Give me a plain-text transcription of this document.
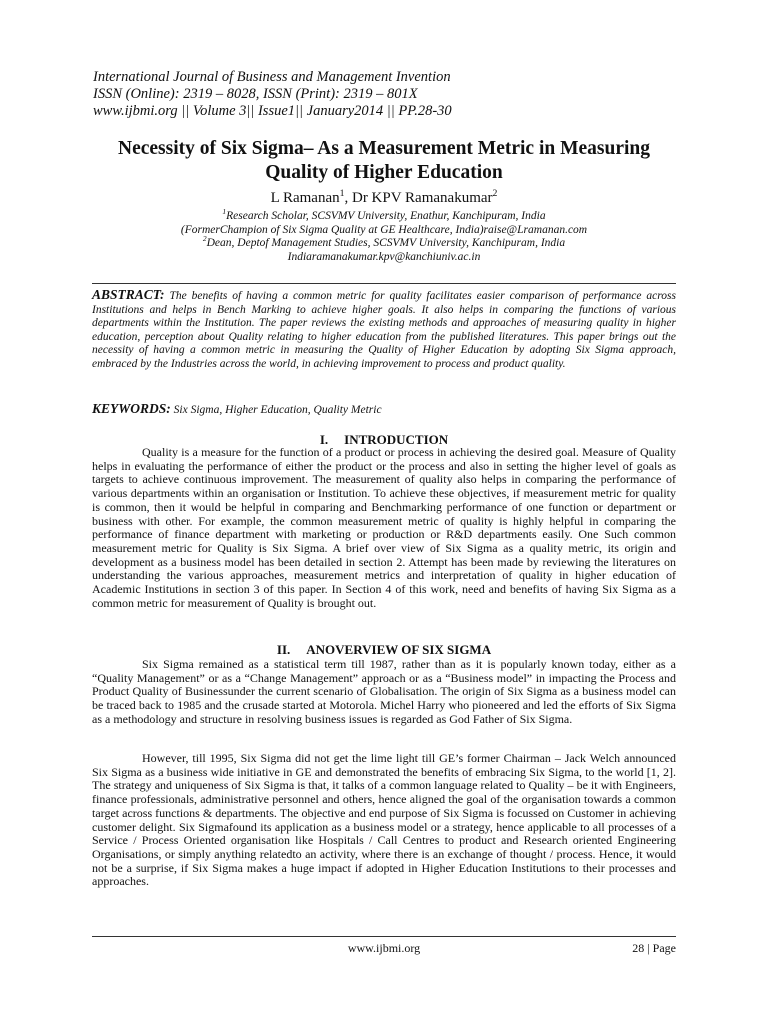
International Journal of Business and Management Invention
ISSN (Online): 2319 – 8028, ISSN (Print): 2319 – 801X
www.ijbmi.org || Volume 3|| Issue1|| January2014 || PP.28-30
Necessity of Six Sigma– As a Measurement Metric in Measuring
Quality of Higher Education
L Ramanan$^1$, Dr KPV Ramanakumar$^2$
$^1$Research Scholar, SCSVMV University, Enathur, Kanchipuram, India
(FormerChampion of Six Sigma Quality at GE Healthcare, India)raise@Lramanan.com
$^2$Dean, Deptof Management Studies, SCSVMV University, Kanchipuram, India
Indiaramanakumar.kpv@kanchiuniv.ac.in
ABSTRACT: The benefits of having a common metric for quality facilitates easier comparison of performance across Institutions and helps in Bench Marking to achieve higher goals. It also helps in comparing the functions of various departments within the Institution. The paper reviews the existing methods and approaches of measuring quality in higher education, perception about Quality relating to higher education from the published literatures. This paper brings out the necessity of having a common metric in measuring the Quality of Higher Education by adopting Six Sigma approach, embraced by the Industries across the world, in achieving improvement to process and product quality.
KEYWORDS: Six Sigma, Higher Education, Quality Metric
I. INTRODUCTION

Quality is a measure for the function of a product or process in achieving the desired goal. Measure of Quality helps in evaluating the performance of either the product or the process and also in setting the higher level of goals as targets to achieve continuous improvement. The measurement of quality also helps in comparing the performance of various departments within an organisation or Institution. To achieve these objectives, if measurement metric for quality is common, then it would be helpful in comparing and Benchmarking performance of one function or department or business with other. For example, the common measurement metric of quality is highly helpful in comparing the performance of finance department with marketing or production or R&D departments easily. One Such common measurement metric for Quality is Six Sigma. A brief over view of Six Sigma as a quality metric, its origin and development as a business model has been detailed in section 2. Attempt has been made by reviewing the literatures on understanding the various approaches, measurement metrics and interpretation of quality in higher education of Academic Institutions in section 3 of this paper. In Section 4 of this work, need and benefits of having Six Sigma as a common metric for measurement of Quality is brought out.

II. ANOVERVIEW OF SIX SIGMA

Six Sigma remained as a statistical term till 1987, rather than as it is popularly known today, either as a “Quality Management” or as a “Change Management” approach or as a “Business model” in impacting the Process and Product Quality of Businessunder the current scenario of Globalisation. The origin of Six Sigma as a business model can be traced back to 1985 and the crusade started at Motorola. Michel Harry who pioneered and led the efforts of Six Sigma as a methodology and structure in resolving business issues is regarded as God Father of Six Sigma.

However, till 1995, Six Sigma did not get the lime light till GE’s former Chairman – Jack Welch announced Six Sigma as a business wide initiative in GE and demonstrated the benefits of embracing Six Sigma, to the world [1, 2]. The strategy and uniqueness of Six Sigma is that, it talks of a common language related to Quality – be it with Engineers, finance professionals, administrative personnel and others, hence aligned the goal of the organisation towards a common target across functions & departments. The objective and end purpose of Six Sigma is focussed on Customer in achieving customer delight. Six Sigmafound its application as a business model or a strategy, hence applicable to all processes of a Service / Process Oriented organisation like Hospitals / Call Centres to product and Research oriented Engineering Organisations, or simply anything relatedto an activity, where there is an exchange of thought / process. Hence, it would not be a surprise, if Six Sigma makes a huge impact if adopted in Higher Education Institutions to their processes and approaches.

www.ijbmi.org	28 | Page
